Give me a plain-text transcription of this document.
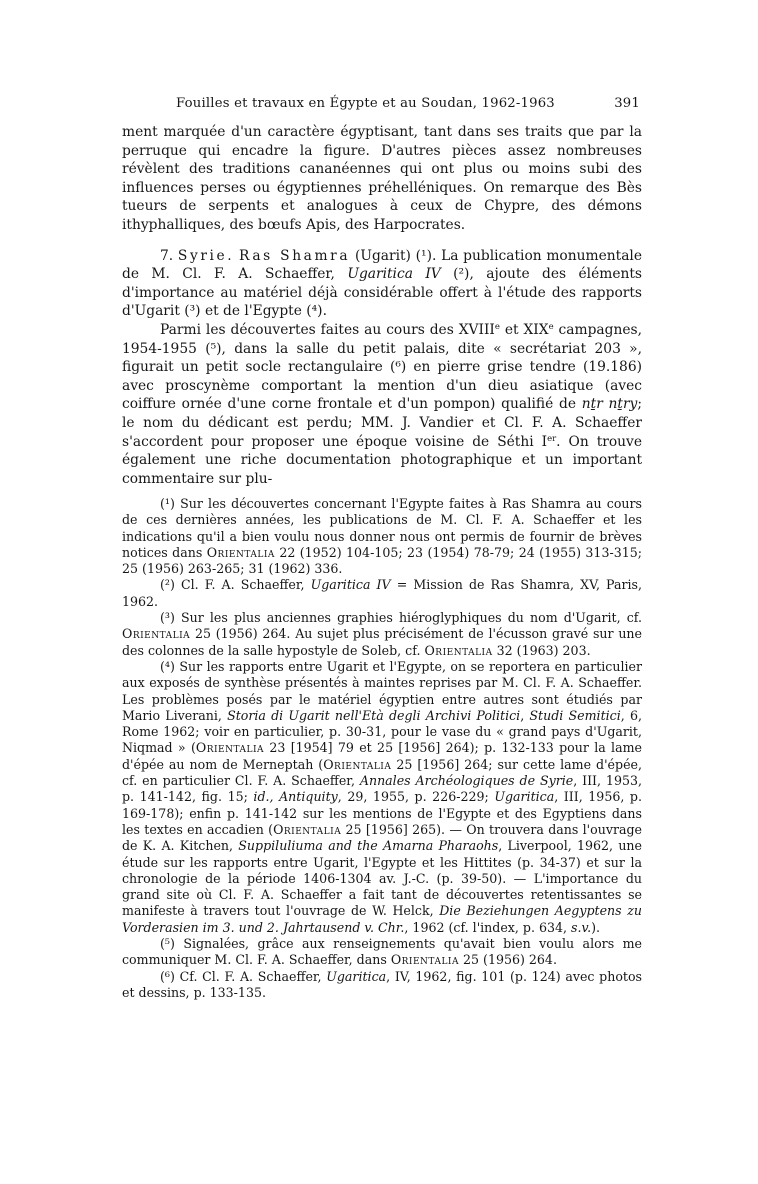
Fouilles et travaux en Égypte et au Soudan, 1962-1963	391

ment marquée d'un caractère égyptisant, tant dans ses traits que par la perruque qui encadre la figure. D'autres pièces assez nombreuses révèlent des traditions cananéennes qui ont plus ou moins subi des influences perses ou égyptiennes préhelléniques. On remarque des Bès tueurs de serpents et analogues à ceux de Chypre, des démons ithyphalliques, des bœufs Apis, des Harpocrates.

7. Syrie. Ras Shamra (Ugarit) (¹). La publication monumentale de M. Cl. F. A. Schaeffer, Ugaritica IV (²), ajoute des éléments d'importance au matériel déjà considérable offert à l'étude des rapports d'Ugarit (³) et de l'Egypte (⁴).

Parmi les découvertes faites au cours des XVIIIe et XIXe campagnes, 1954-1955 (⁵), dans la salle du petit palais, dite « secrétariat 203 », figurait un petit socle rectangulaire (⁶) en pierre grise tendre (19.186) avec proscynème comportant la mention d'un dieu asiatique (avec coiffure ornée d'une corne frontale et d'un pompon) qualifié de nṯr nṯry; le nom du dédicant est perdu; MM. J. Vandier et Cl. F. A. Schaeffer s'accordent pour proposer une époque voisine de Séthi Ier. On trouve également une riche documentation photographique et un important commentaire sur plu-

(¹) Sur les découvertes concernant l'Egypte faites à Ras Shamra au cours de ces dernières années, les publications de M. Cl. F. A. Schaeffer et les indications qu'il a bien voulu nous donner nous ont permis de fournir de brèves notices dans Orientalia 22 (1952) 104-105; 23 (1954) 78-79; 24 (1955) 313-315; 25 (1956) 263-265; 31 (1962) 336.

(²) Cl. F. A. Schaeffer, Ugaritica IV = Mission de Ras Shamra, XV, Paris, 1962.

(³) Sur les plus anciennes graphies hiéroglyphiques du nom d'Ugarit, cf. Orientalia 25 (1956) 264. Au sujet plus précisément de l'écusson gravé sur une des colonnes de la salle hypostyle de Soleb, cf. Orientalia 32 (1963) 203.

(⁴) Sur les rapports entre Ugarit et l'Egypte, on se reportera en particulier aux exposés de synthèse présentés à maintes reprises par M. Cl. F. A. Schaeffer. Les problèmes posés par le matériel égyptien entre autres sont étudiés par Mario Liverani, Storia di Ugarit nell'Età degli Archivi Politici, Studi Semitici, 6, Rome 1962; voir en particulier, p. 30-31, pour le vase du « grand pays d'Ugarit, Niqmad » (Orientalia 23 [1954] 79 et 25 [1956] 264); p. 132-133 pour la lame d'épée au nom de Merneptah (Orientalia 25 [1956] 264; sur cette lame d'épée, cf. en particulier Cl. F. A. Schaeffer, Annales Archéologiques de Syrie, III, 1953, p. 141-142, fig. 15; id., Antiquity, 29, 1955, p. 226-229; Ugaritica, III, 1956, p. 169-178); enfin p. 141-142 sur les mentions de l'Egypte et des Egyptiens dans les textes en accadien (Orientalia 25 [1956] 265). — On trouvera dans l'ouvrage de K. A. Kitchen, Suppiluliuma and the Amarna Pharaohs, Liverpool, 1962, une étude sur les rapports entre Ugarit, l'Egypte et les Hittites (p. 34-37) et sur la chronologie de la période 1406-1304 av. J.-C. (p. 39-50). — L'importance du grand site où Cl. F. A. Schaeffer a fait tant de découvertes retentissantes se manifeste à travers tout l'ouvrage de W. Helck, Die Beziehungen Aegyptens zu Vorderasien im 3. und 2. Jahrtausend v. Chr., 1962 (cf. l'index, p. 634, s.v.).

(⁵) Signalées, grâce aux renseignements qu'avait bien voulu alors me communiquer M. Cl. F. A. Schaeffer, dans Orientalia 25 (1956) 264.

(⁶) Cf. Cl. F. A. Schaeffer, Ugaritica, IV, 1962, fig. 101 (p. 124) avec photos et dessins, p. 133-135.
